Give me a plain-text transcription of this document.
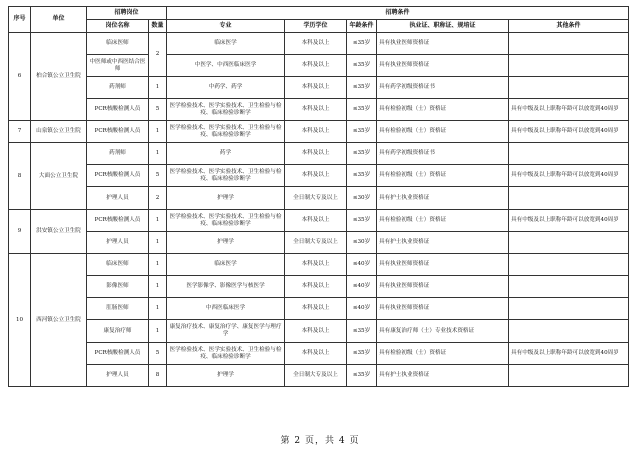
序号	单位	招聘岗位		招聘条件				
		岗位名称	数量	专业	学历学位	年龄条件	执业证、职称证、规培证	其他条件
6	柏合镇公立卫生院	临床医师	2	临床医学	本科及以上	≤35岁	具有执业医师资格证	
		中医师或中西医结合医师		中医学、中西医临床医学	本科及以上	≤35岁	具有执业医师资格证	
		药剂师	1	中药学、药学	本科及以上	≤35岁	具有药学初级资格证书	
		PCR核酸检测人员	5	医学检验技术、医学实验技术、卫生检验与检疫、临床检验诊断学	本科及以上	≤35岁	具有检验初级（士）资格证	具有中级及以上职称年龄可以放宽到40周岁
7	山泉镇公立卫生院	PCR核酸检测人员	1	医学检验技术、医学实验技术、卫生检验与检疫、临床检验诊断学	本科及以上	≤35岁	具有检验初级（士）资格证	具有中级及以上职称年龄可以放宽到40周岁
8	大面公立卫生院	药剂师	1	药学	本科及以上	≤35岁	具有药学初级资格证书	
		PCR核酸检测人员	5	医学检验技术、医学实验技术、卫生检验与检疫、临床检验诊断学	本科及以上	≤35岁	具有检验初级（士）资格证	具有中级及以上职称年龄可以放宽到40周岁
		护理人员	2	护理学	全日制大专及以上	≤30岁	具有护士执业资格证	
9	洪安镇公立卫生院	PCR核酸检测人员	1	医学检验技术、医学实验技术、卫生检验与检疫、临床检验诊断学	本科及以上	≤35岁	具有检验初级（士）资格证	具有中级及以上职称年龄可以放宽到40周岁
		护理人员	1	护理学	全日制大专及以上	≤30岁	具有护士执业资格证	
10	西河镇公立卫生院	临床医师	1	临床医学	本科及以上	≤40岁	具有执业医师资格证	
		影像医师	1	医学影像学、影像医学与核医学	本科及以上	≤40岁	具有执业医师资格证	
		肛肠医师	1	中西医临床医学	本科及以上	≤40岁	具有执业医师资格证	
		康复治疗师	1	康复治疗技术、康复治疗学、康复医学与理疗学	本科及以上	≤35岁	具有康复治疗师（士）专业技术资格证	
		PCR核酸检测人员	5	医学检验技术、医学实验技术、卫生检验与检疫、临床检验诊断学	本科及以上	≤35岁	具有检验初级（士）资格证	具有中级及以上职称年龄可以放宽到40周岁
		护理人员	8	护理学	全日制大专及以上	≤35岁	具有护士执业资格证	
第 2 页，共 4 页
